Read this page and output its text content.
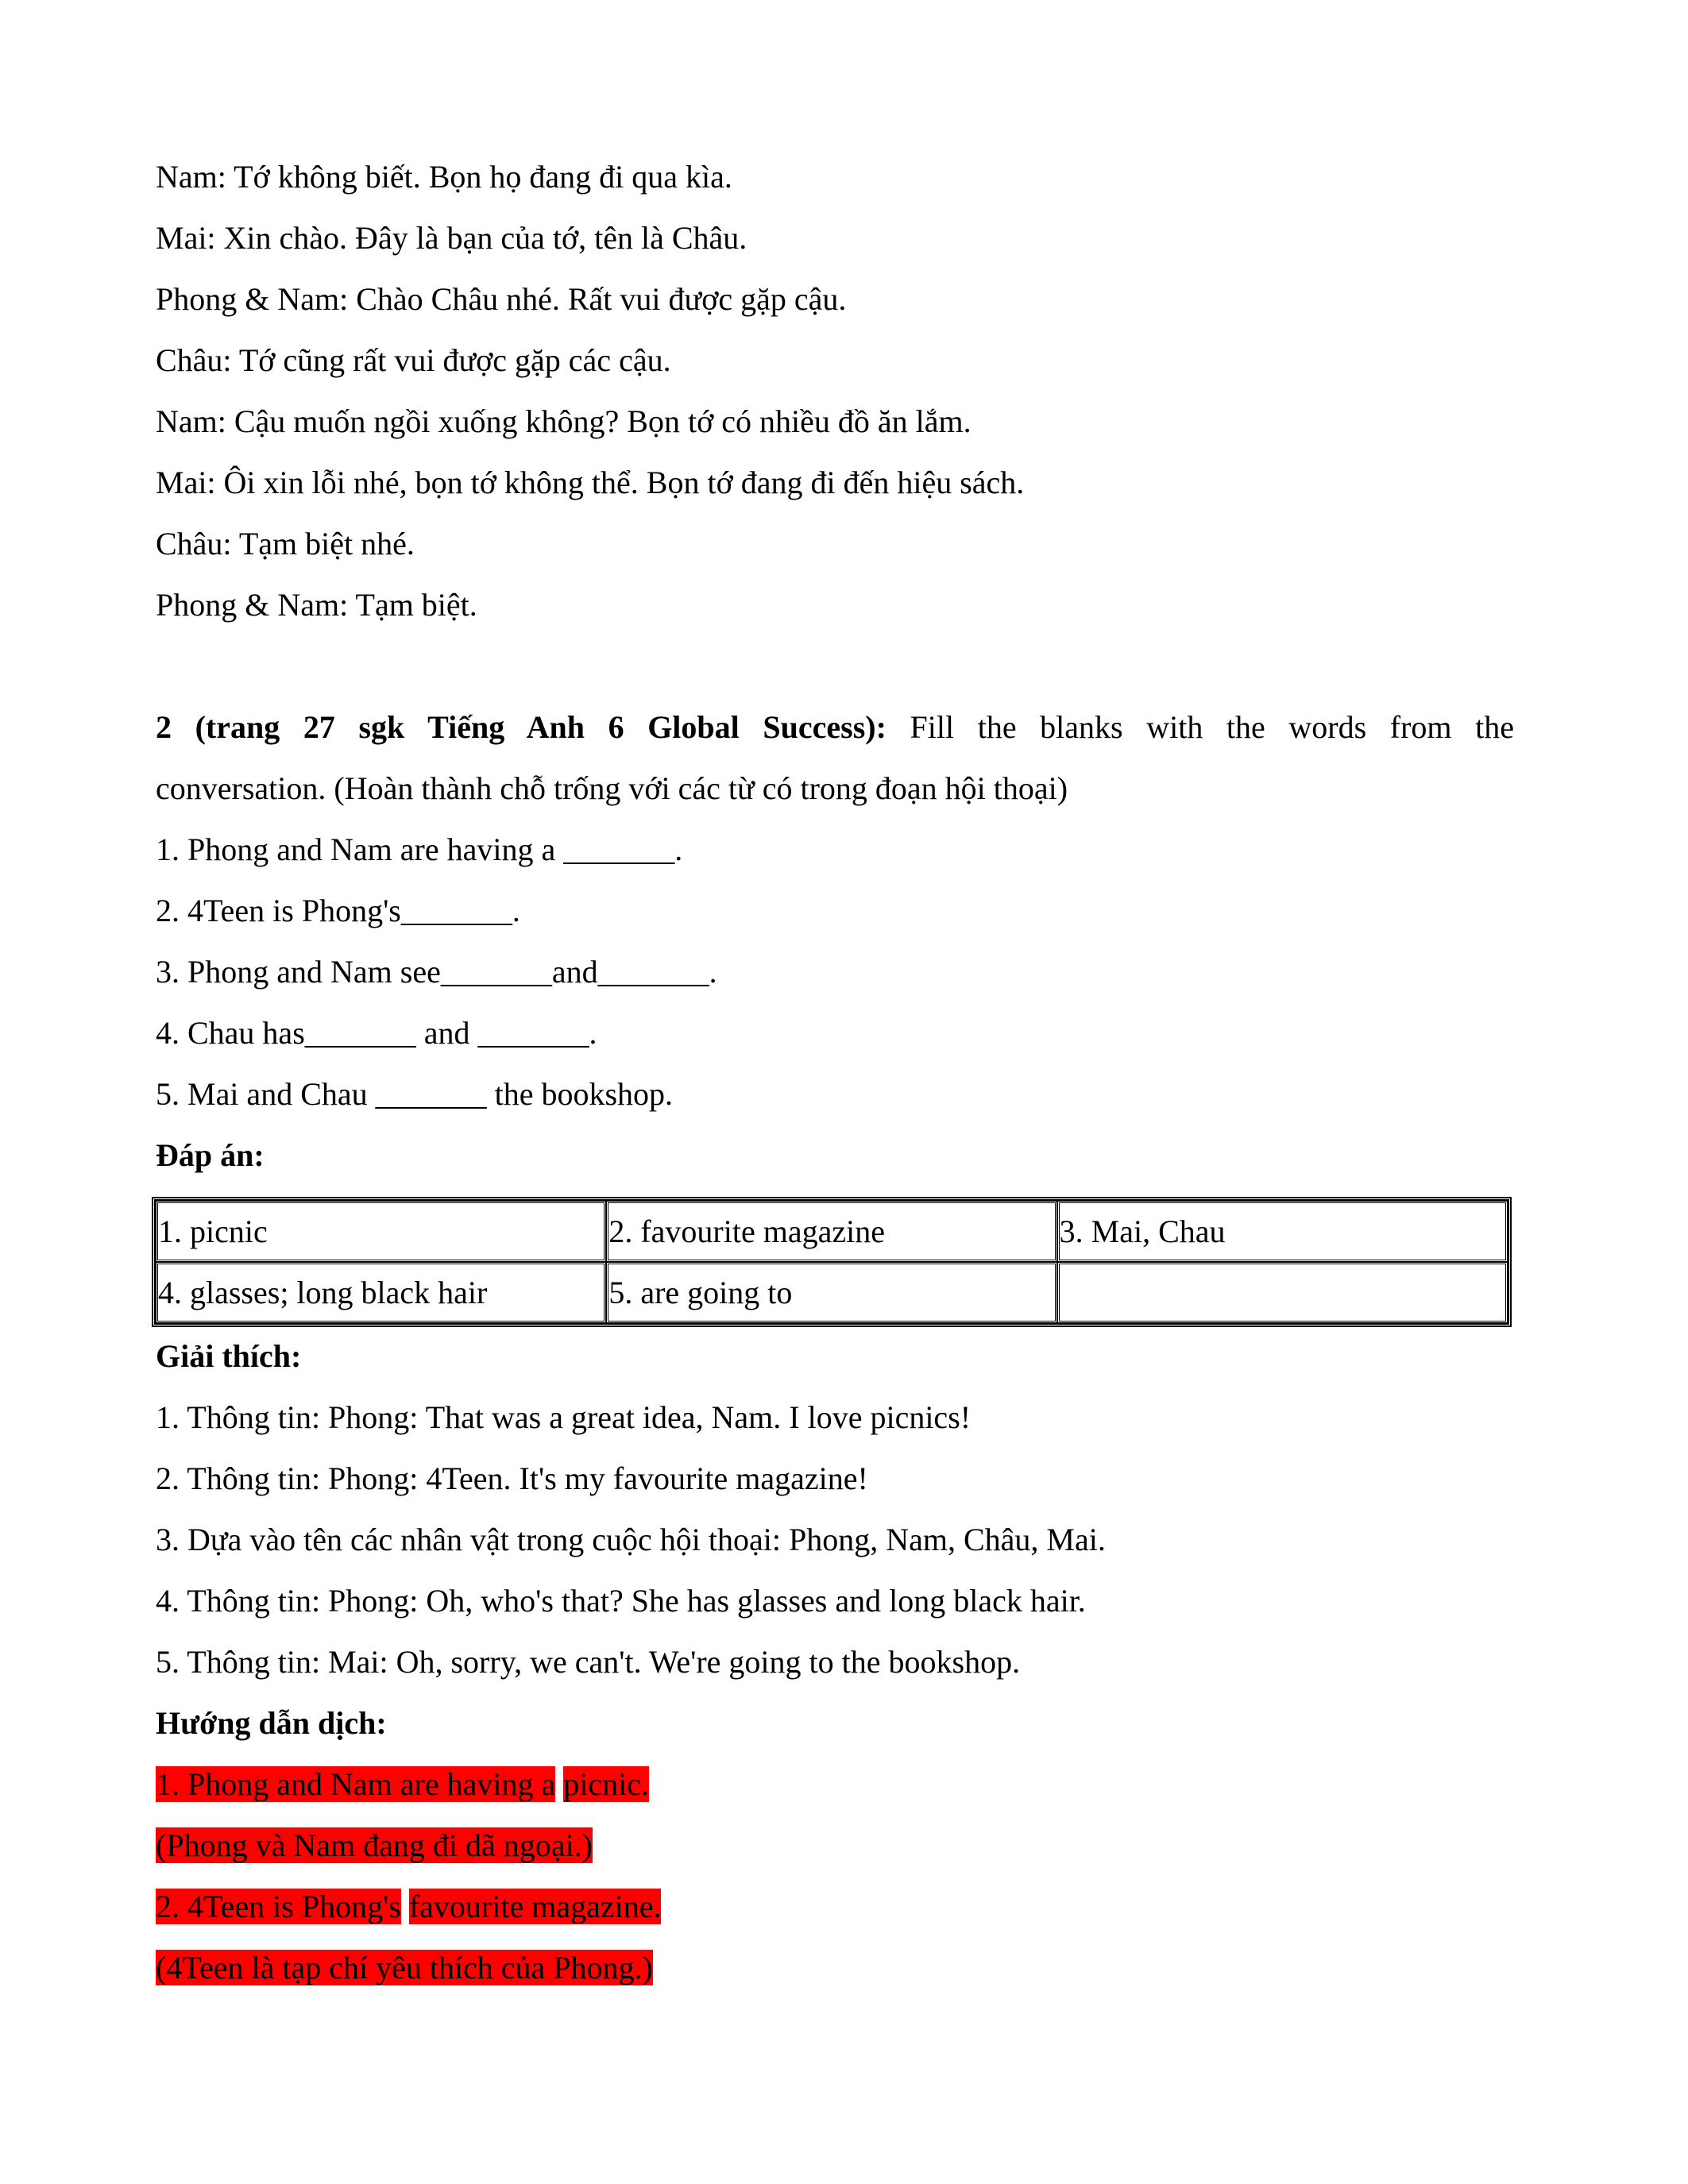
Nam: Tớ không biết. Bọn họ đang đi qua kìa.
Mai: Xin chào. Đây là bạn của tớ, tên là Châu.
Phong & Nam: Chào Châu nhé. Rất vui được gặp cậu.
Châu: Tớ cũng rất vui được gặp các cậu.
Nam: Cậu muốn ngồi xuống không? Bọn tớ có nhiều đồ ăn lắm.
Mai: Ôi xin lỗi nhé, bọn tớ không thể. Bọn tớ đang đi đến hiệu sách.
Châu: Tạm biệt nhé.
Phong & Nam: Tạm biệt.
2 (trang 27 sgk Tiếng Anh 6 Global Success): Fill the blanks with the words from the
conversation. (Hoàn thành chỗ trống với các từ có trong đoạn hội thoại)
1. Phong and Nam are having a _______.
2. 4Teen is Phong's_______.
3. Phong and Nam see_______and_______.
4. Chau has_______ and _______.
5. Mai and Chau _______ the bookshop.
Đáp án:
1. picnic	2. favourite magazine	3. Mai, Chau
4. glasses; long black hair	5. are going to	
Giải thích:
1. Thông tin: Phong: That was a great idea, Nam. I love picnics!
2. Thông tin: Phong: 4Teen. It's my favourite magazine!
3. Dựa vào tên các nhân vật trong cuộc hội thoại: Phong, Nam, Châu, Mai.
4. Thông tin: Phong: Oh, who's that? She has glasses and long black hair.
5. Thông tin: Mai: Oh, sorry, we can't. We're going to the bookshop.
Hướng dẫn dịch:
1. Phong and Nam are having a picnic.
(Phong và Nam đang đi dã ngoại.)
2. 4Teen is Phong's favourite magazine.
(4Teen là tạp chí yêu thích của Phong.)
